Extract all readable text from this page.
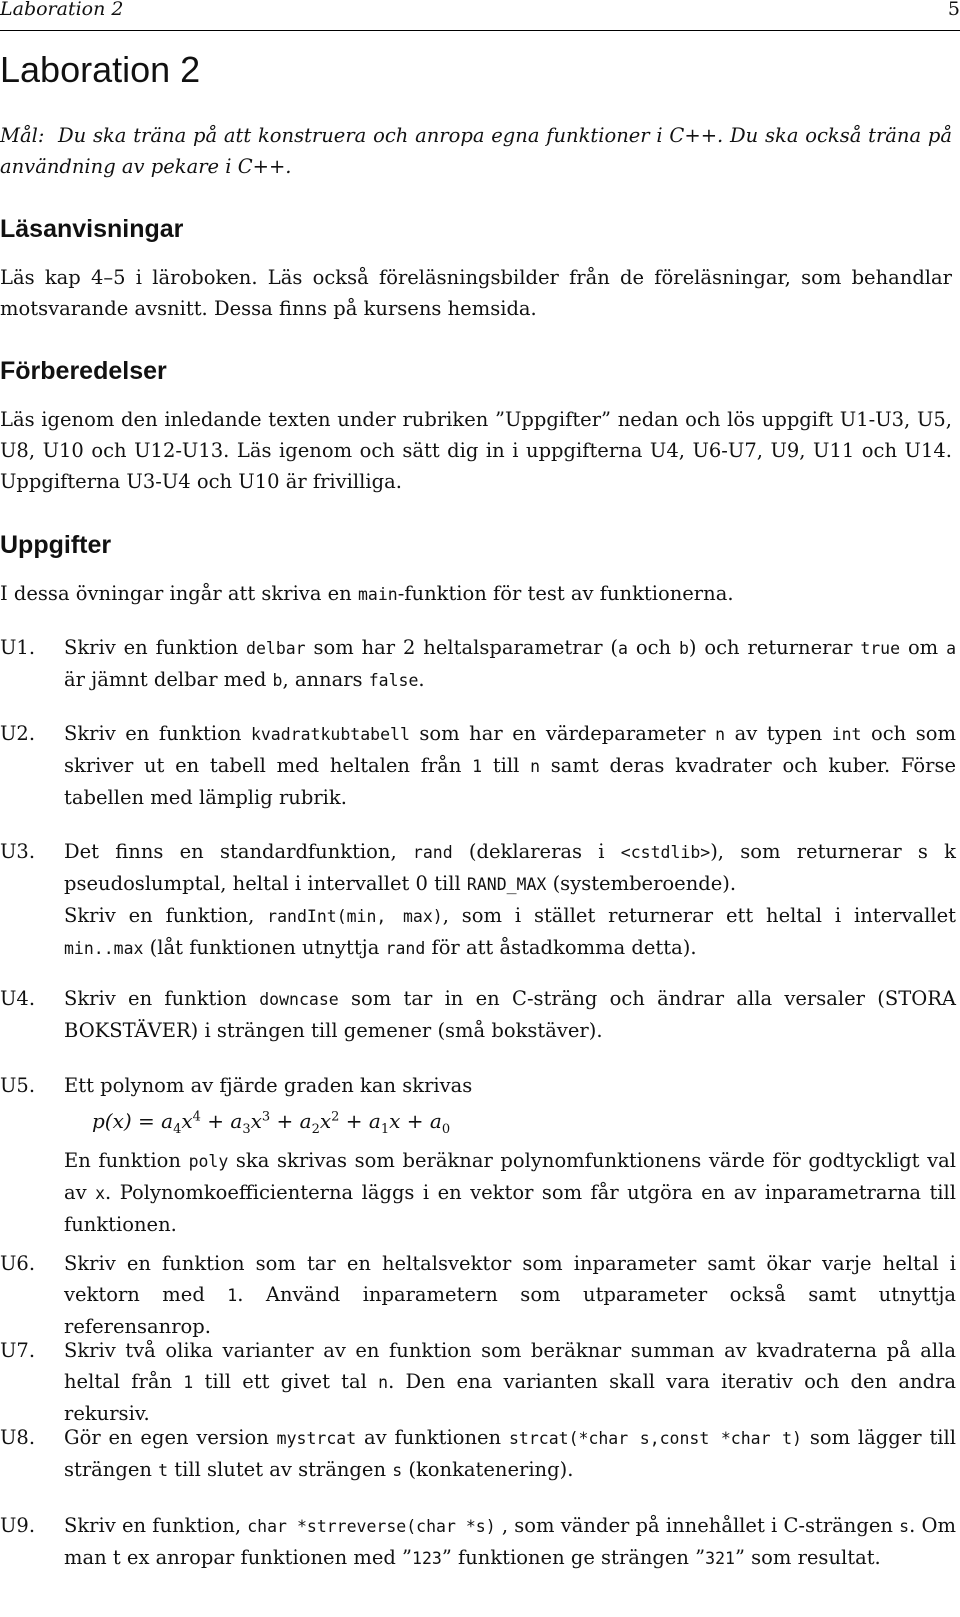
Laboration 2	5
Laboration 2
Mål: Du ska träna på att konstruera och anropa egna funktioner i C++. Du ska också träna på användning av pekare i C++.
Läsanvisningar
Läs kap 4–5 i läroboken. Läs också föreläsningsbilder från de föreläsningar, som behandlar motsvarande avsnitt. Dessa finns på kursens hemsida.
Förberedelser
Läs igenom den inledande texten under rubriken ”Uppgifter” nedan och lös uppgift U1-U3, U5, U8, U10 och U12-U13. Läs igenom och sätt dig in i uppgifterna U4, U6-U7, U9, U11 och U14. Uppgifterna U3-U4 och U10 är frivilliga.
Uppgifter
I dessa övningar ingår att skriva en main-funktion för test av funktionerna.
U1. Skriv en funktion delbar som har 2 heltalsparametrar (a och b) och returnerar true om a är jämnt delbar med b, annars false.
U2. Skriv en funktion kvadratkubtabell som har en värdeparameter n av typen int och som skriver ut en tabell med heltalen från 1 till n samt deras kvadrater och kuber. Förse tabellen med lämplig rubrik.
U3. Det finns en standardfunktion, rand (deklareras i <cstdlib>), som returnerar s k pseudoslumptal, heltal i intervallet 0 till RAND_MAX (systemberoende).
Skriv en funktion, randInt(min, max), som i stället returnerar ett heltal i intervallet min..max (låt funktionen utnyttja rand för att åstadkomma detta).
U4. Skriv en funktion downcase som tar in en C-sträng och ändrar alla versaler (STORA BOKSTÄVER) i strängen till gemener (små bokstäver).
U5. Ett polynom av fjärde graden kan skrivas
$p(x) = a_4x^4 + a_3x^3 + a_2x^2 + a_1x + a_0$
En funktion poly ska skrivas som beräknar polynomfunktionens värde för godtyckligt val av x. Polynomkoefficienterna läggs i en vektor som får utgöra en av inparametrarna till funktionen.
U6. Skriv en funktion som tar en heltalsvektor som inparameter samt ökar varje heltal i vektorn med 1. Använd inparametern som utparameter också samt utnyttja referensanrop.
U7. Skriv två olika varianter av en funktion som beräknar summan av kvadraterna på alla heltal från 1 till ett givet tal n. Den ena varianten skall vara iterativ och den andra rekursiv.
U8. Gör en egen version mystrcat av funktionen strcat(*char s,const *char t) som lägger till strängen t till slutet av strängen s (konkatenering).
U9. Skriv en funktion, char *strreverse(char *s) , som vänder på innehållet i C-strängen s. Om man t ex anropar funktionen med ”123” funktionen ge strängen ”321” som resultat.
